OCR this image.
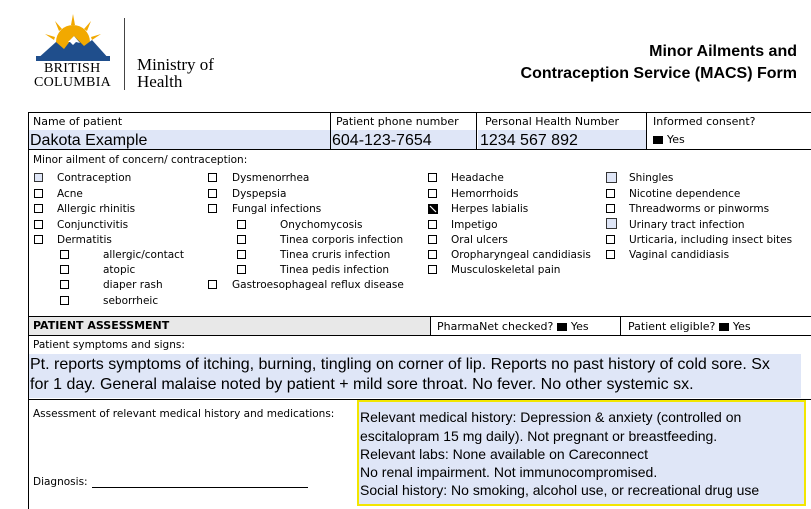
BRITISH
COLUMBIA
Ministry of
Health
Minor Ailments and
Contraception Service (MACS) Form
Name of patient
Dakota Example
Patient phone number
604-123-7654
Personal Health Number
1234 567 892
Informed consent?
Yes
Minor ailment of concern/ contraception:
Contraception
Acne
Allergic rhinitis
Conjunctivitis
Dermatitis
allergic/contact
atopic
diaper rash
seborrheic
Dysmenorrhea
Dyspepsia
Fungal infections
Onychomycosis
Tinea corporis infection
Tinea cruris infection
Tinea pedis infection
Gastroesophageal reflux disease
Headache
Hemorrhoids
Herpes labialis
Impetigo
Oral ulcers
Oropharyngeal candidiasis
Musculoskeletal pain
Shingles
Nicotine dependence
Threadworms or pinworms
Urinary tract infection
Urticaria, including insect bites
Vaginal candidiasis
PATIENT ASSESSMENT	PharmaNet checked? Yes	Patient eligible? Yes
Patient symptoms and signs:
Pt. reports symptoms of itching, burning, tingling on corner of lip. Reports no past history of cold sore. Sx
for 1 day. General malaise noted by patient + mild sore throat. No fever. No other systemic sx.
Assessment of relevant medical history and medications:
Diagnosis:
Relevant medical history: Depression & anxiety (controlled on
escitalopram 15 mg daily). Not pregnant or breastfeeding.
Relevant labs: None available on Careconnect
No renal impairment. Not immunocompromised.
Social history: No smoking, alcohol use, or recreational drug use
